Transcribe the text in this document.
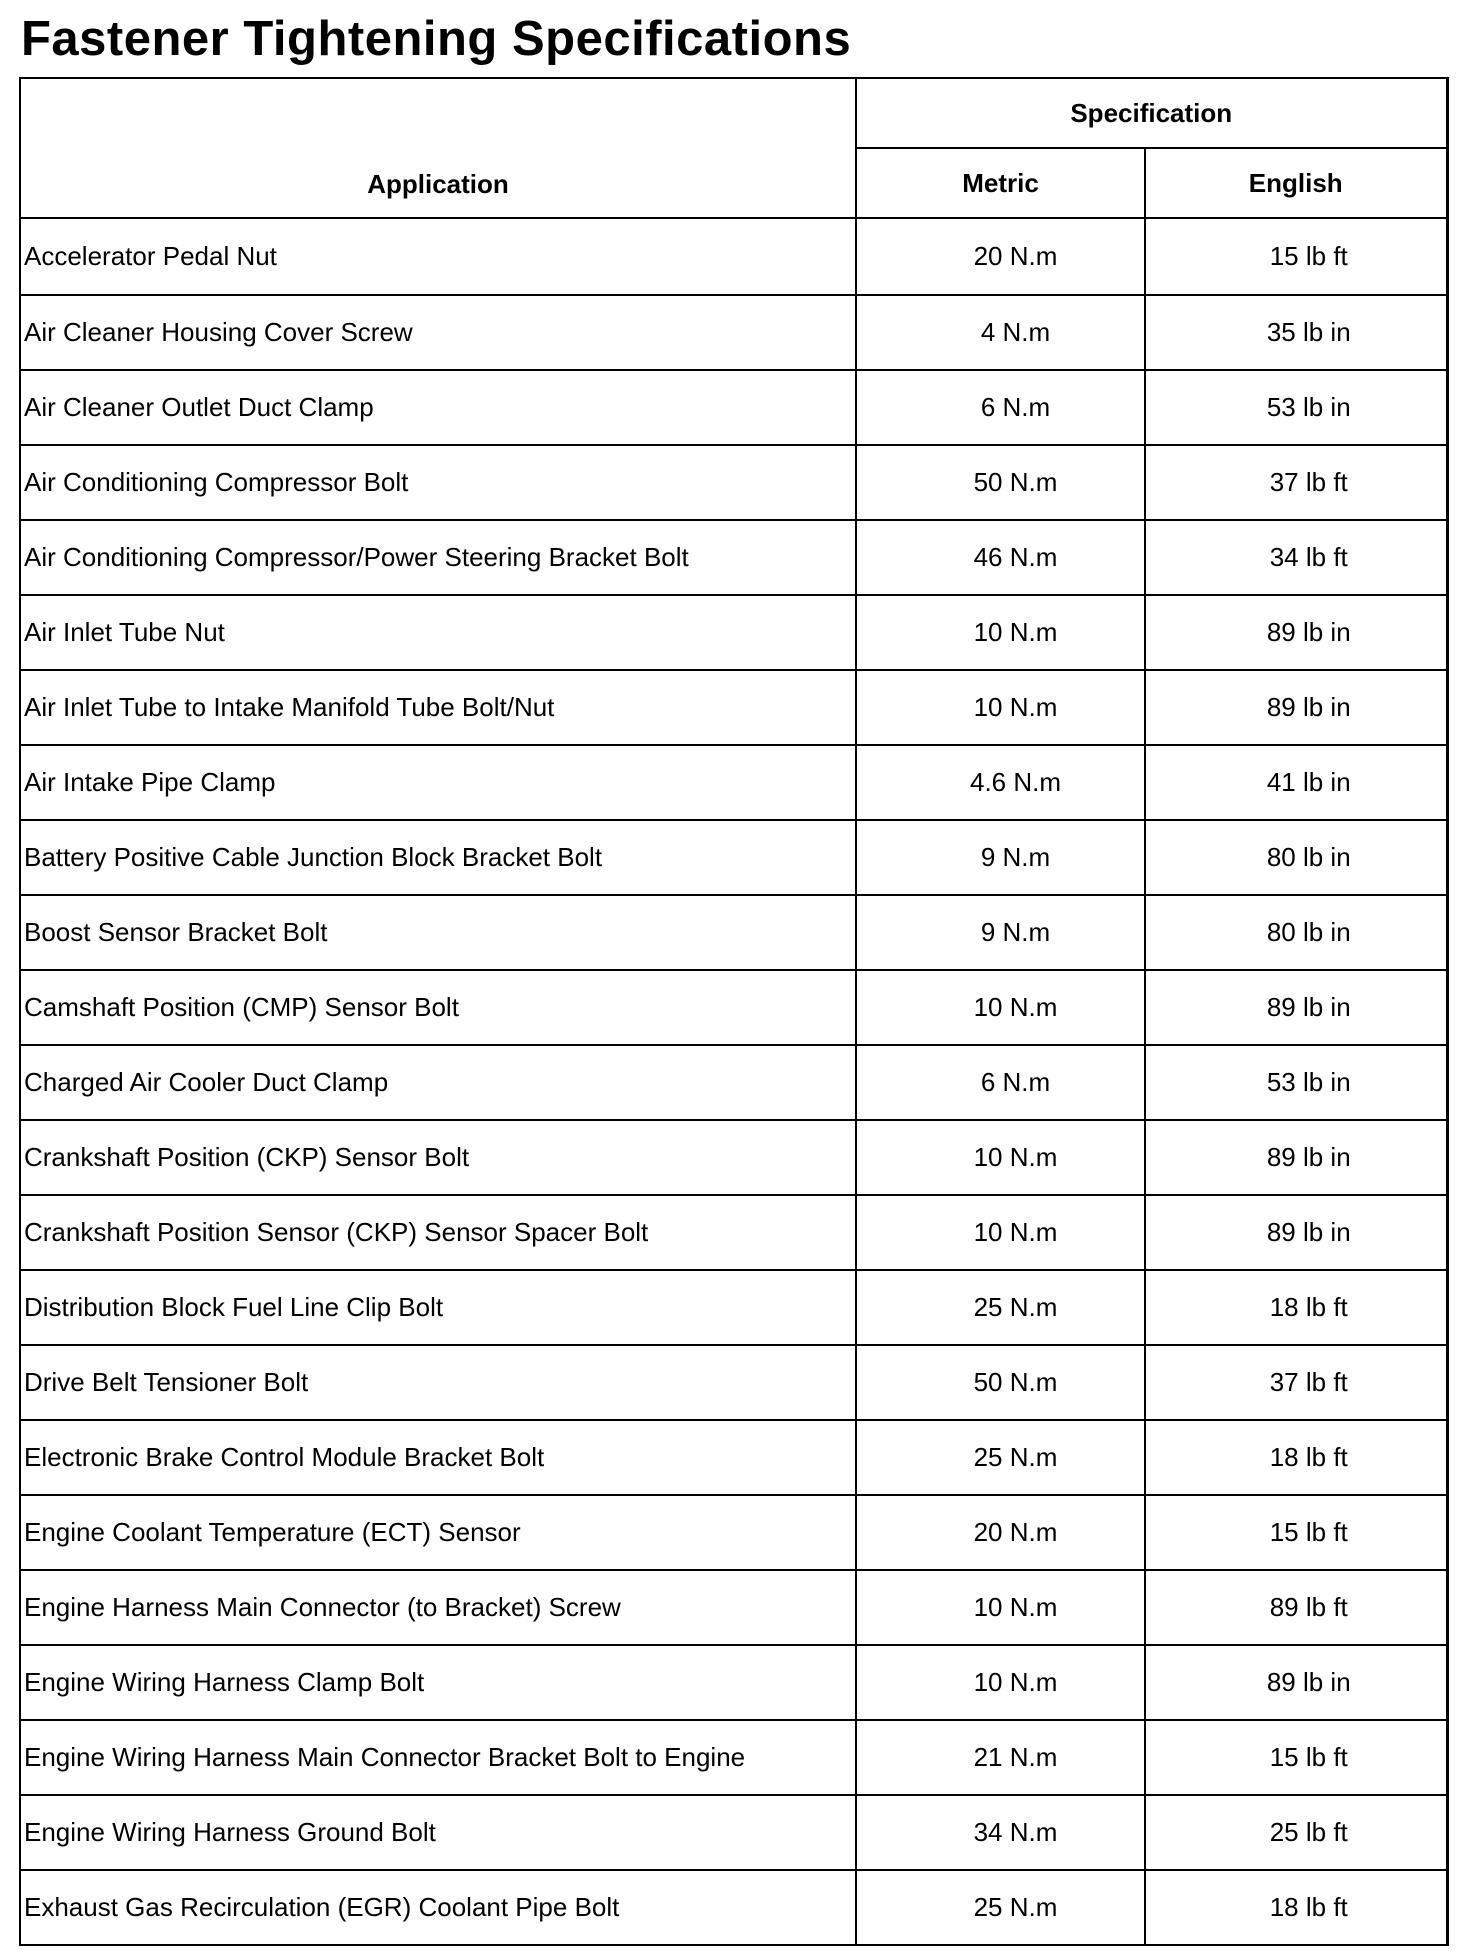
Fastener Tightening Specifications
Application	Specification	
	Metric	English
Accelerator Pedal Nut	20 N.m	15 lb ft
Air Cleaner Housing Cover Screw	4 N.m	35 lb in
Air Cleaner Outlet Duct Clamp	6 N.m	53 lb in
Air Conditioning Compressor Bolt	50 N.m	37 lb ft
Air Conditioning Compressor/Power Steering Bracket Bolt	46 N.m	34 lb ft
Air Inlet Tube Nut	10 N.m	89 lb in
Air Inlet Tube to Intake Manifold Tube Bolt/Nut	10 N.m	89 lb in
Air Intake Pipe Clamp	4.6 N.m	41 lb in
Battery Positive Cable Junction Block Bracket Bolt	9 N.m	80 lb in
Boost Sensor Bracket Bolt	9 N.m	80 lb in
Camshaft Position (CMP) Sensor Bolt	10 N.m	89 lb in
Charged Air Cooler Duct Clamp	6 N.m	53 lb in
Crankshaft Position (CKP) Sensor Bolt	10 N.m	89 lb in
Crankshaft Position Sensor (CKP) Sensor Spacer Bolt	10 N.m	89 lb in
Distribution Block Fuel Line Clip Bolt	25 N.m	18 lb ft
Drive Belt Tensioner Bolt	50 N.m	37 lb ft
Electronic Brake Control Module Bracket Bolt	25 N.m	18 lb ft
Engine Coolant Temperature (ECT) Sensor	20 N.m	15 lb ft
Engine Harness Main Connector (to Bracket) Screw	10 N.m	89 lb ft
Engine Wiring Harness Clamp Bolt	10 N.m	89 lb in
Engine Wiring Harness Main Connector Bracket Bolt to Engine	21 N.m	15 lb ft
Engine Wiring Harness Ground Bolt	34 N.m	25 lb ft
Exhaust Gas Recirculation (EGR) Coolant Pipe Bolt	25 N.m	18 lb ft
